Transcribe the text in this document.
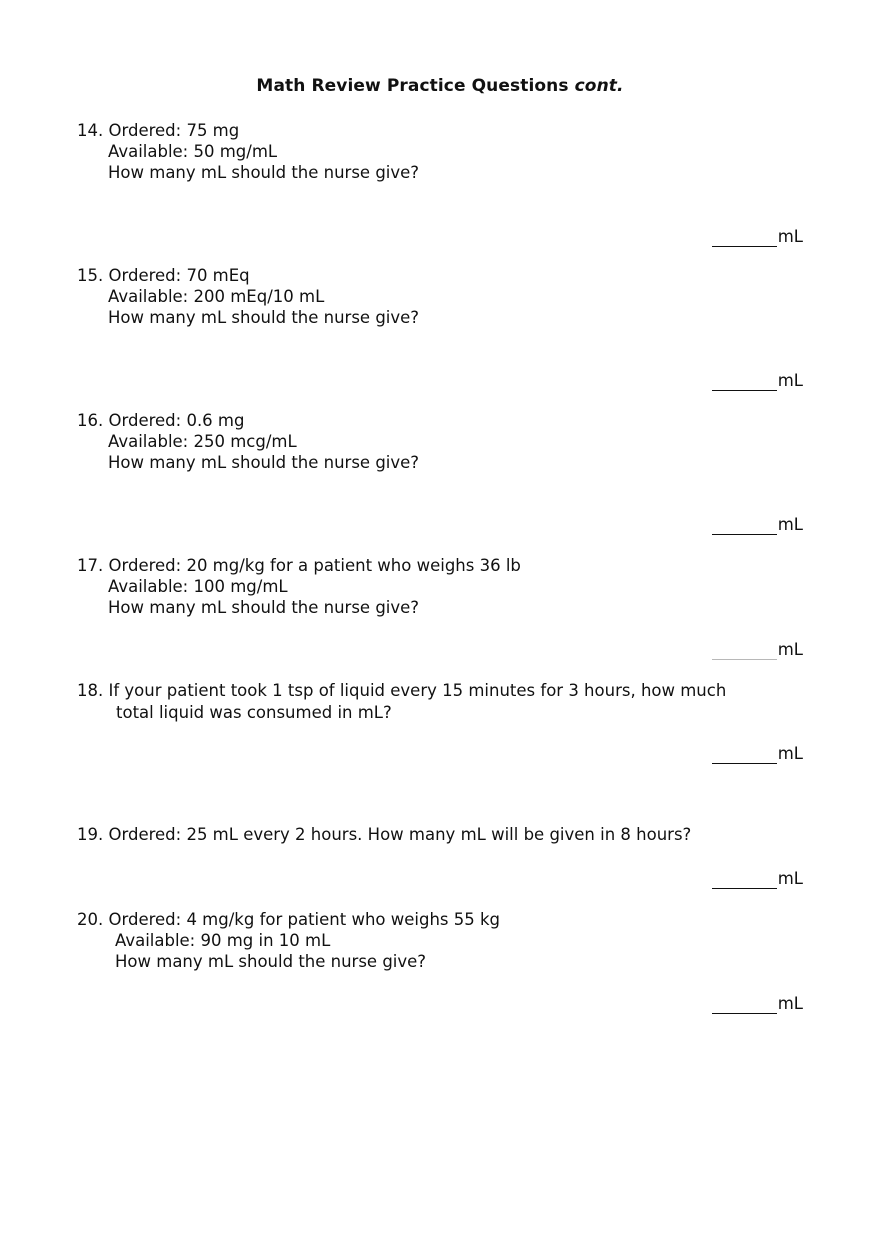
Math Review Practice Questions cont.
14. Ordered: 75 mg
Available: 50 mg/mL
How many mL should the nurse give?
mL
15. Ordered: 70 mEq
Available: 200 mEq/10 mL
How many mL should the nurse give?
mL
16. Ordered: 0.6 mg
Available: 250 mcg/mL
How many mL should the nurse give?
mL
17. Ordered: 20 mg/kg for a patient who weighs 36 lb
Available: 100 mg/mL
How many mL should the nurse give?
mL
18. If your patient took 1 tsp of liquid every 15 minutes for 3 hours, how much
total liquid was consumed in mL?
mL
19. Ordered: 25 mL every 2 hours. How many mL will be given in 8 hours?
mL
20. Ordered: 4 mg/kg for patient who weighs 55 kg
Available: 90 mg in 10 mL
How many mL should the nurse give?
mL
